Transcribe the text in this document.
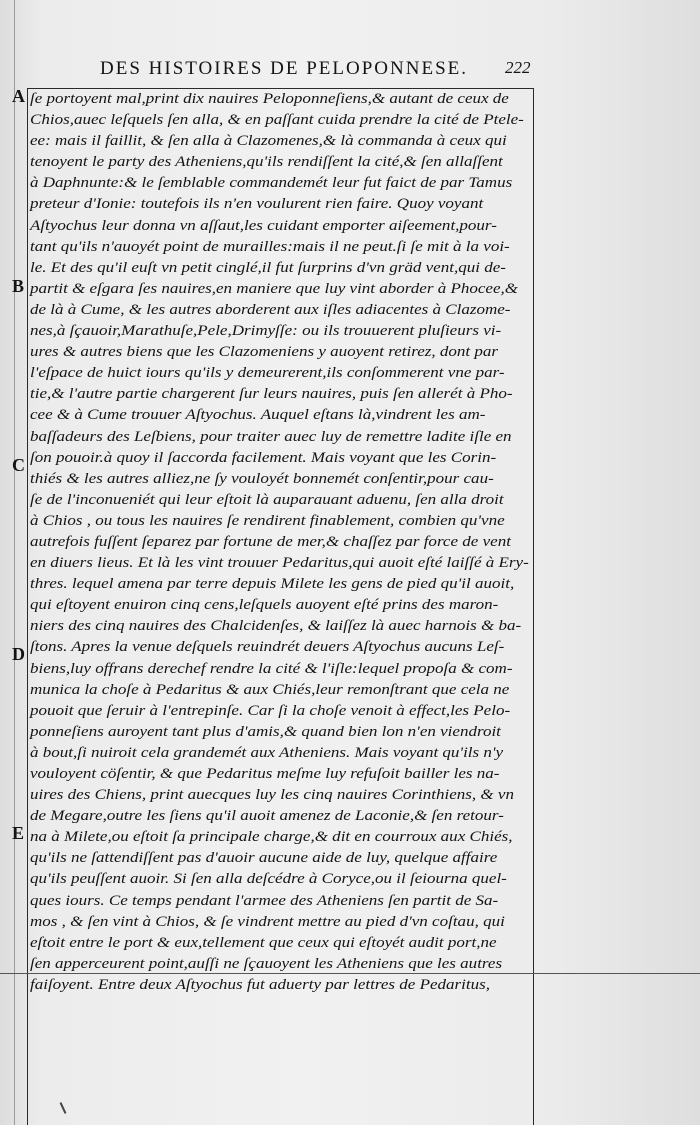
DES HISTOIRES DE PELOPONNESE.	222
A
B
C
D
E
ſe portoyent mal,print dix nauires Peloponneſiens,& autant de ceux de
Chios,auec leſquels ſen alla, & en paſſant cuida prendre la cité de Ptele-
ee: mais il faillit, & ſen alla à Clazomenes,& là commanda à ceux qui
tenoyent le party des Atheniens,qu'ils rendiſſent la cité,& ſen allaſſent
à Daphnunte:& le ſemblable commandemét leur fut faict de par Tamus
preteur d'Ionie: toutefois ils n'en voulurent rien faire. Quoy voyant
Aſtyochus leur donna vn aſſaut,les cuidant emporter aiſeement,pour-
tant qu'ils n'auoyét point de murailles:mais il ne peut.ſi ſe mit à la voi-
le. Et des qu'il euſt vn petit cinglé,il fut ſurprins d'vn gräd vent,qui de-
partit & eſgara ſes nauires,en maniere que luy vint aborder à Phocee,&
de là à Cume, & les autres aborderent aux iſles adiacentes à Clazome-
nes,à ſçauoir,Marathuſe,Pele,Drimyſſe: ou ils trouuerent pluſieurs vi-
ures & autres biens que les Clazomeniens y auoyent retirez, dont par
l'eſpace de huict iours qu'ils y demeurerent,ils conſommerent vne par-
tie,& l'autre partie chargerent ſur leurs nauires, puis ſen allerét à Pho-
cee & à Cume trouuer Aſtyochus. Auquel eſtans là,vindrent les am-
baſſadeurs des Leſbiens, pour traiter auec luy de remettre ladite iſle en
ſon pouoir.à quoy il ſaccorda facilement. Mais voyant que les Corin-
thiés & les autres alliez,ne ſy vouloyét bonnemét conſentir,pour cau-
ſe de l'inconueniét qui leur eſtoit là auparauant aduenu, ſen alla droit
à Chios , ou tous les nauires ſe rendirent finablement, combien qu'vne
autrefois fuſſent ſeparez par fortune de mer,& chaſſez par force de vent
en diuers lieus. Et là les vint trouuer Pedaritus,qui auoit eſté laiſſé à Ery-
thres. lequel amena par terre depuis Milete les gens de pied qu'il auoit,
qui eſtoyent enuiron cinq cens,leſquels auoyent eſté prins des maron-
niers des cinq nauires des Chalcidenſes, & laiſſez là auec harnois & ba-
ſtons. Apres la venue deſquels reuindrét deuers Aſtyochus aucuns Leſ-
biens,luy offrans derechef rendre la cité & l'iſle:lequel propoſa & com-
munica la choſe à Pedaritus & aux Chiés,leur remonſtrant que cela ne
pouoit que ſeruir à l'entrepinſe. Car ſi la choſe venoit à effect,les Pelo-
ponneſiens auroyent tant plus d'amis,& quand bien lon n'en viendroit
à bout,ſi nuiroit cela grandemét aux Atheniens. Mais voyant qu'ils n'y
vouloyent cöſentir, & que Pedaritus meſme luy refuſoit bailler les na-
uires des Chiens, print auecques luy les cinq nauires Corinthiens, & vn
de Megare,outre les ſiens qu'il auoit amenez de Laconie,& ſen retour-
na à Milete,ou eſtoit ſa principale charge,& dit en courroux aux Chiés,
qu'ils ne ſattendiſſent pas d'auoir aucune aide de luy, quelque affaire
qu'ils peuſſent auoir. Si ſen alla deſcédre à Coryce,ou il ſeiourna quel-
ques iours. Ce temps pendant l'armee des Atheniens ſen partit de Sa-
mos , & ſen vint à Chios, & ſe vindrent mettre au pied d'vn coſtau, qui
eſtoit entre le port & eux,tellement que ceux qui eſtoyét audit port,ne
ſen apperceurent point,auſſi ne ſçauoyent les Atheniens que les autres
faiſoyent. Entre deux Aſtyochus fut aduerty par lettres de Pedaritus,
